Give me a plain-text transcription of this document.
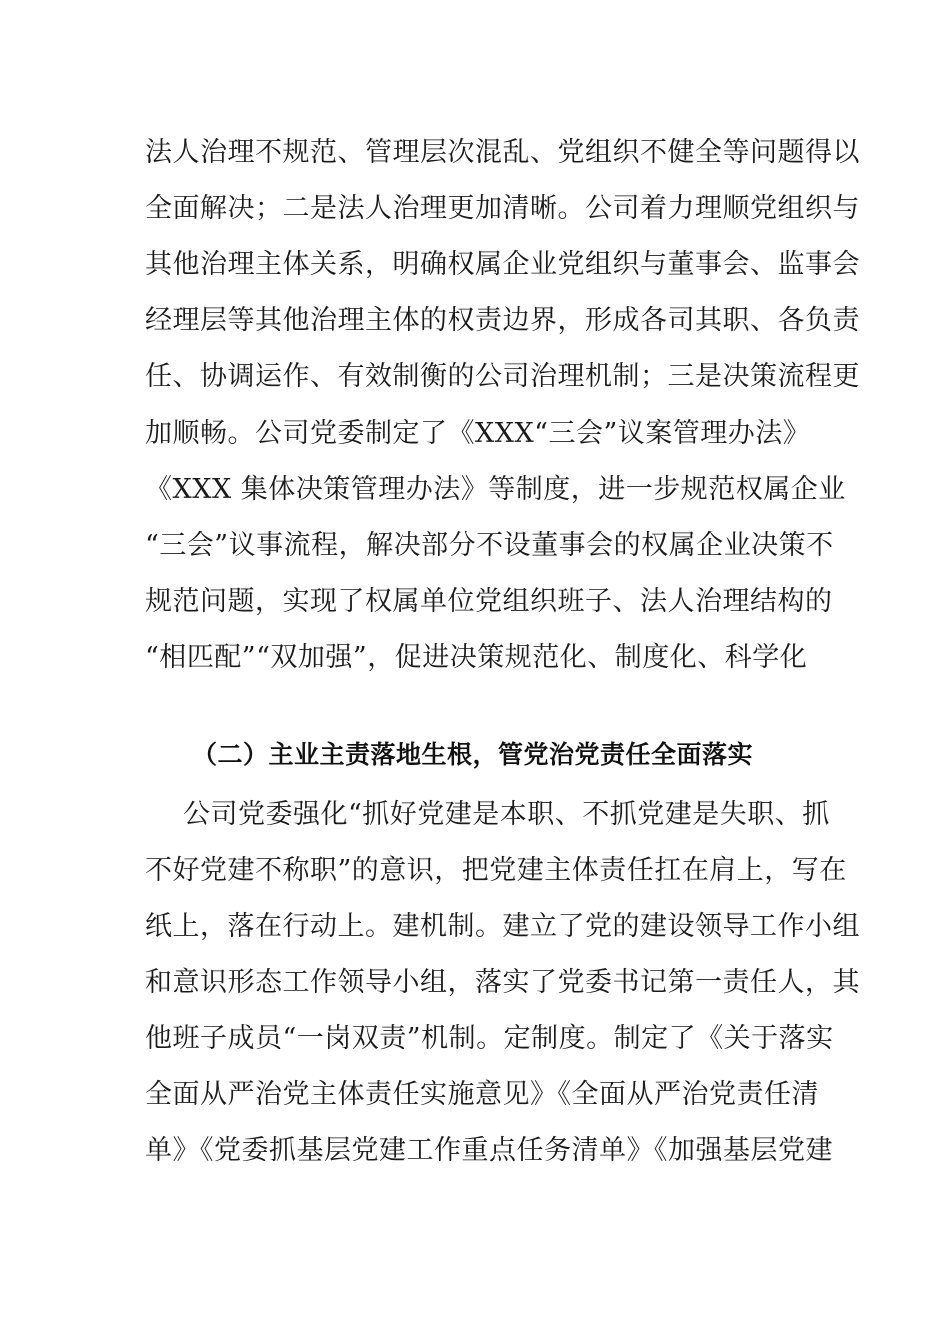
法人治理不规范、管理层次混乱、党组织不健全等问题得以
全面解决；二是法人治理更加清晰。公司着力理顺党组织与
其他治理主体关系，明确权属企业党组织与董事会、监事会
经理层等其他治理主体的权责边界，形成各司其职、各负责
任、协调运作、有效制衡的公司治理机制；三是决策流程更
加顺畅。公司党委制定了《XXX“三会”议案管理办法》
《XXX 集体决策管理办法》等制度，进一步规范权属企业
“三会”议事流程，解决部分不设董事会的权属企业决策不
规范问题，实现了权属单位党组织班子、法人治理结构的
“相匹配”“双加强”，促进决策规范化、制度化、科学化
（二）主业主责落地生根，管党治党责任全面落实
公司党委强化“抓好党建是本职、不抓党建是失职、抓
不好党建不称职”的意识，把党建主体责任扛在肩上，写在
纸上，落在行动上。建机制。建立了党的建设领导工作小组
和意识形态工作领导小组，落实了党委书记第一责任人，其
他班子成员“一岗双责”机制。定制度。制定了《关于落实
全面从严治党主体责任实施意见》《全面从严治党责任清
单》《党委抓基层党建工作重点任务清单》《加强基层党建
